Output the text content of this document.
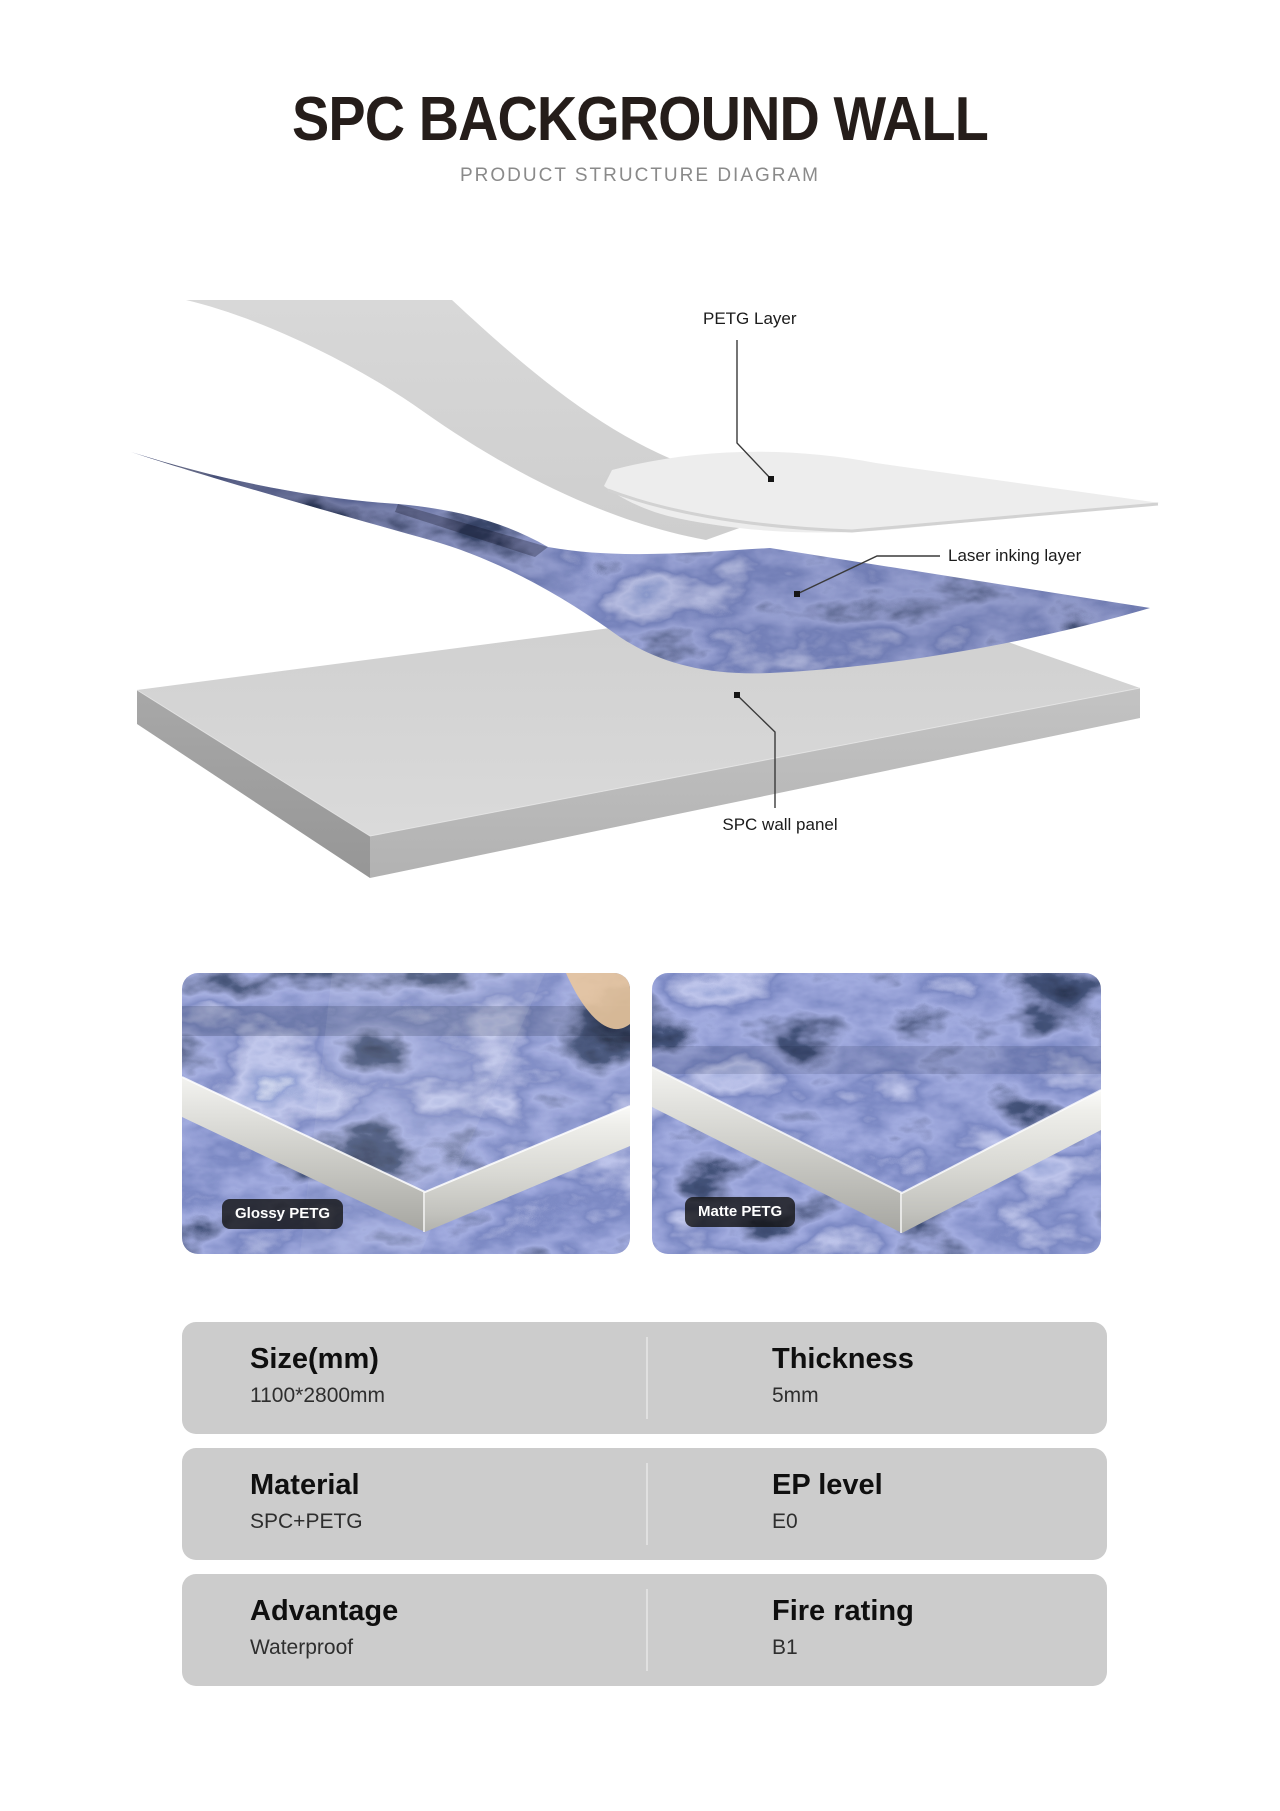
SPC BACKGROUND WALL
PRODUCT STRUCTURE DIAGRAM
PETG Layer
Laser inking layer
SPC wall panel
Glossy PETG	Matte PETG
Size(mm)
1100*2800mm
Thickness
5mm
Material
SPC+PETG
EP level
E0
Advantage
Waterproof
Fire rating
B1
